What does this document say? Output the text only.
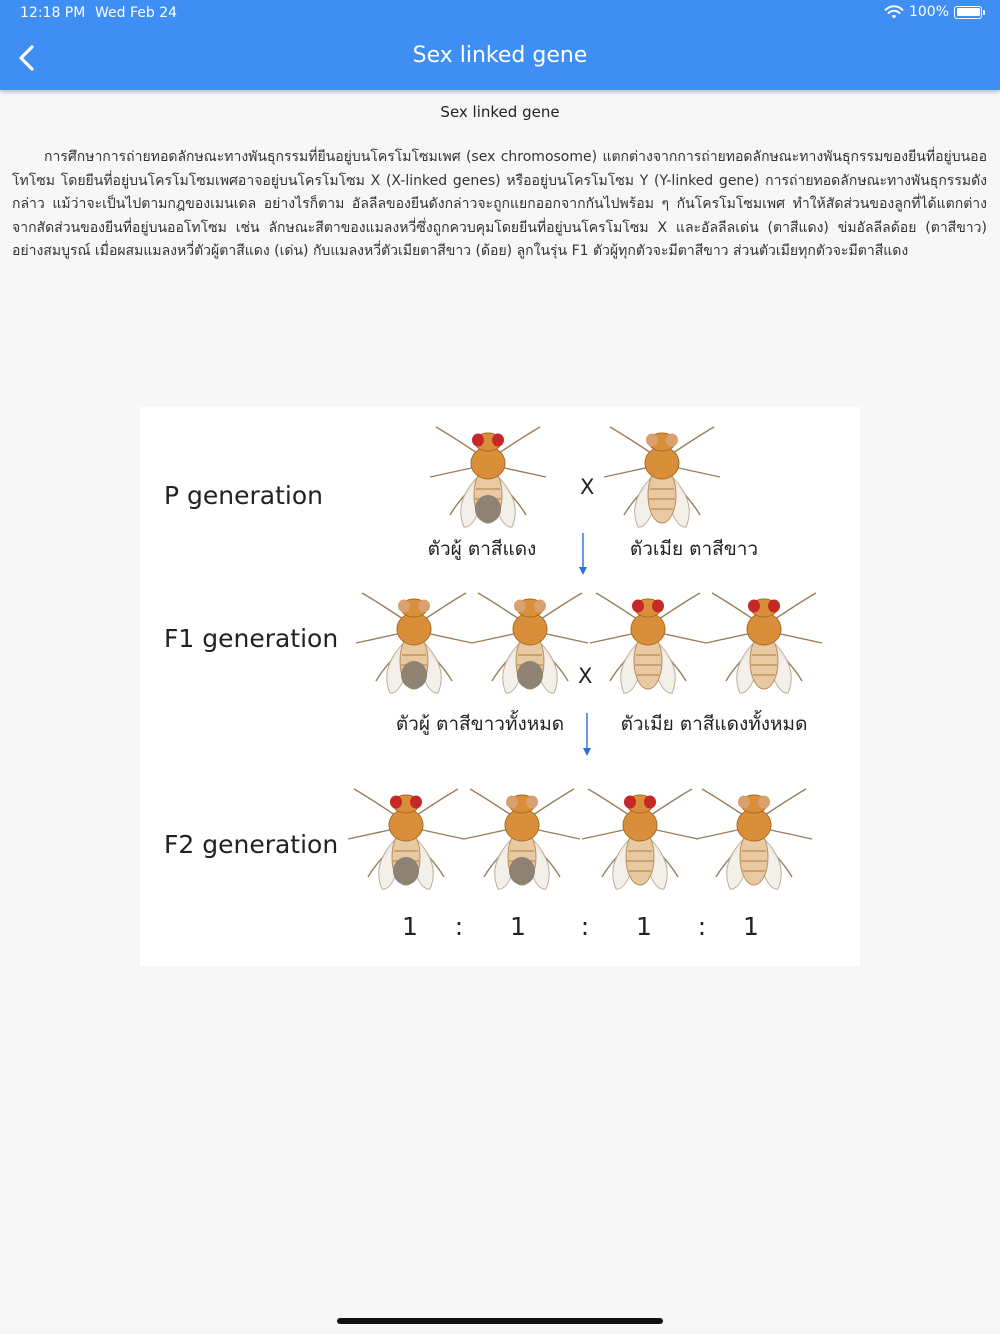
12:18 PM Wed Feb 24	100%
Sex linked gene
Sex linked gene
การศึกษาการถ่ายทอดลักษณะทางพันธุกรรมที่ยีนอยู่บนโครโมโซมเพศ (sex chromosome) แตกต่างจากการถ่ายทอดลักษณะทางพันธุกรรมของยีนที่อยู่บนออโทโซม โดยยีนที่อยู่บนโครโมโซมเพศอาจอยู่บนโครโมโซม X (X-linked genes) หรืออยู่บนโครโมโซม Y (Y-linked gene) การถ่ายทอดลักษณะทางพันธุกรรมดังกล่าว แม้ว่าจะเป็นไปตามกฎของเมนเดล อย่างไรก็ตาม อัลลีลของยีนดังกล่าวจะถูกแยกออกจากกันไปพร้อม ๆ กันโครโมโซมเพศ ทำให้สัดส่วนของลูกที่ได้แตกต่างจากสัดส่วนของยีนที่อยู่บนออโทโซม เช่น ลักษณะสีตาของแมลงหวี่ซึ่งถูกควบคุมโดยยีนที่อยู่บนโครโมโซม X และอัลลีลเด่น (ตาสีแดง) ข่มอัลลีลด้อย (ตาสีขาว) อย่างสมบูรณ์ เมื่อผสมแมลงหวี่ตัวผู้ตาสีแดง (เด่น) กับแมลงหวี่ตัวเมียตาสีขาว (ด้อย) ลูกในรุ่น F1 ตัวผู้ทุกตัวจะมีตาสีขาว ส่วนตัวเมียทุกตัวจะมีตาสีแดง
P generation
F1 generation
F2 generation
X
ตัวผู้ ตาสีแดง	ตัวเมีย ตาสีขาว
X
ตัวผู้ ตาสีขาวทั้งหมด	ตัวเมีย ตาสีแดงทั้งหมด
1 : 1 : 1 : 1
